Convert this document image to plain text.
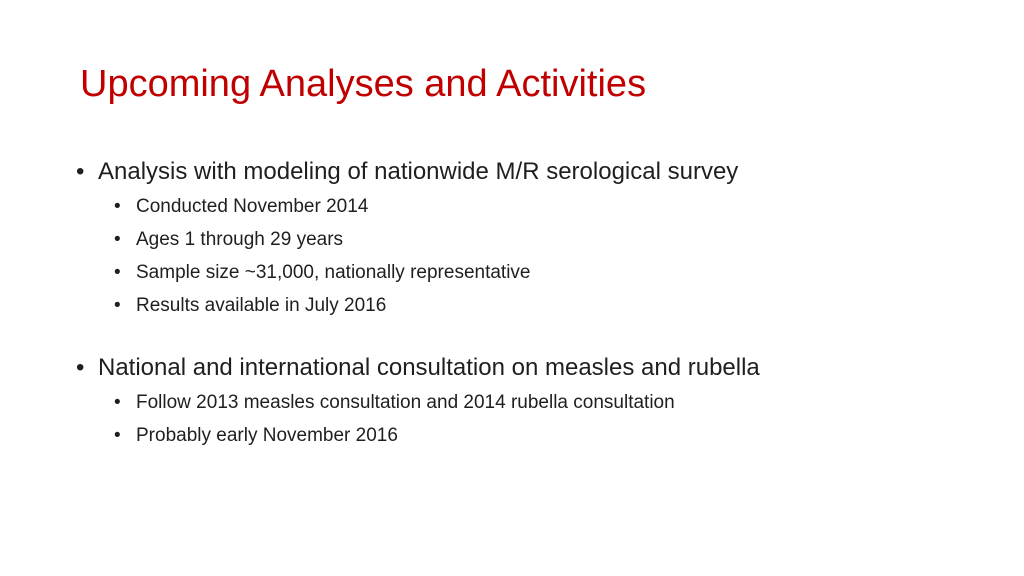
Upcoming Analyses and Activities
• Analysis with modeling of nationwide M/R serological survey
• Conducted November 2014
• Ages 1 through 29 years
• Sample size ~31,000, nationally representative
• Results available in July 2016
• National and international consultation on measles and rubella
• Follow 2013 measles consultation and 2014 rubella consultation
• Probably early November 2016
